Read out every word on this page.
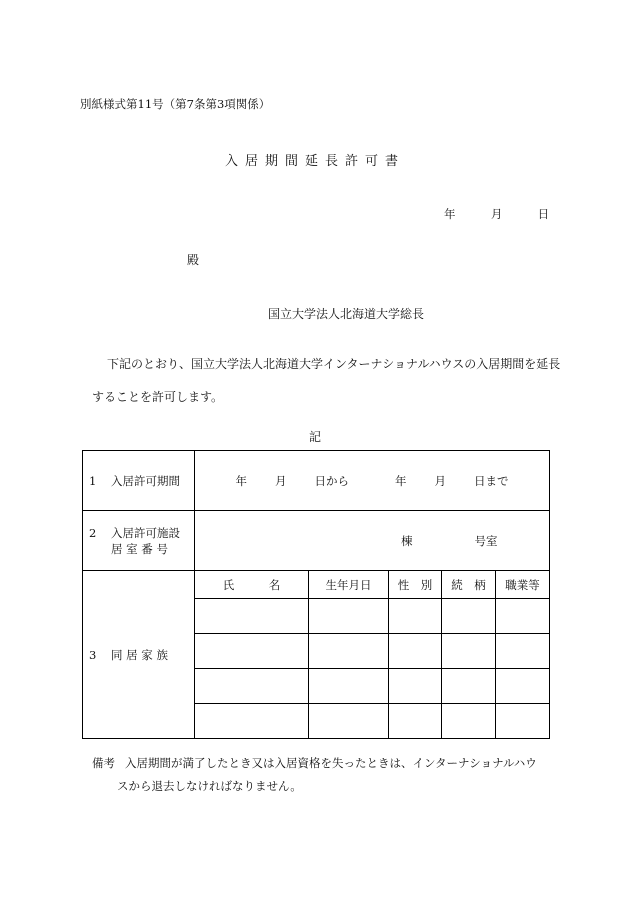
別紙様式第11号（第7条第3項関係）
入居期間延長許可書
年	月	日
殿
国立大学法人北海道大学総長
下記のとおり、国立大学法人北海道大学インターナショナルハウスの入居期間を延長
することを許可します。
記
1 入居許可期間	年 月 日から 年 月 日まで				
2 入居許可施設
居 室 番 号	棟 号室				
3 同 居 家 族	氏　　　名	生年月日	性　別	続　柄	職業等

備考 入居期間が満了したとき又は入居資格を失ったときは、インターナショナルハウ
スから退去しなければなりません。
